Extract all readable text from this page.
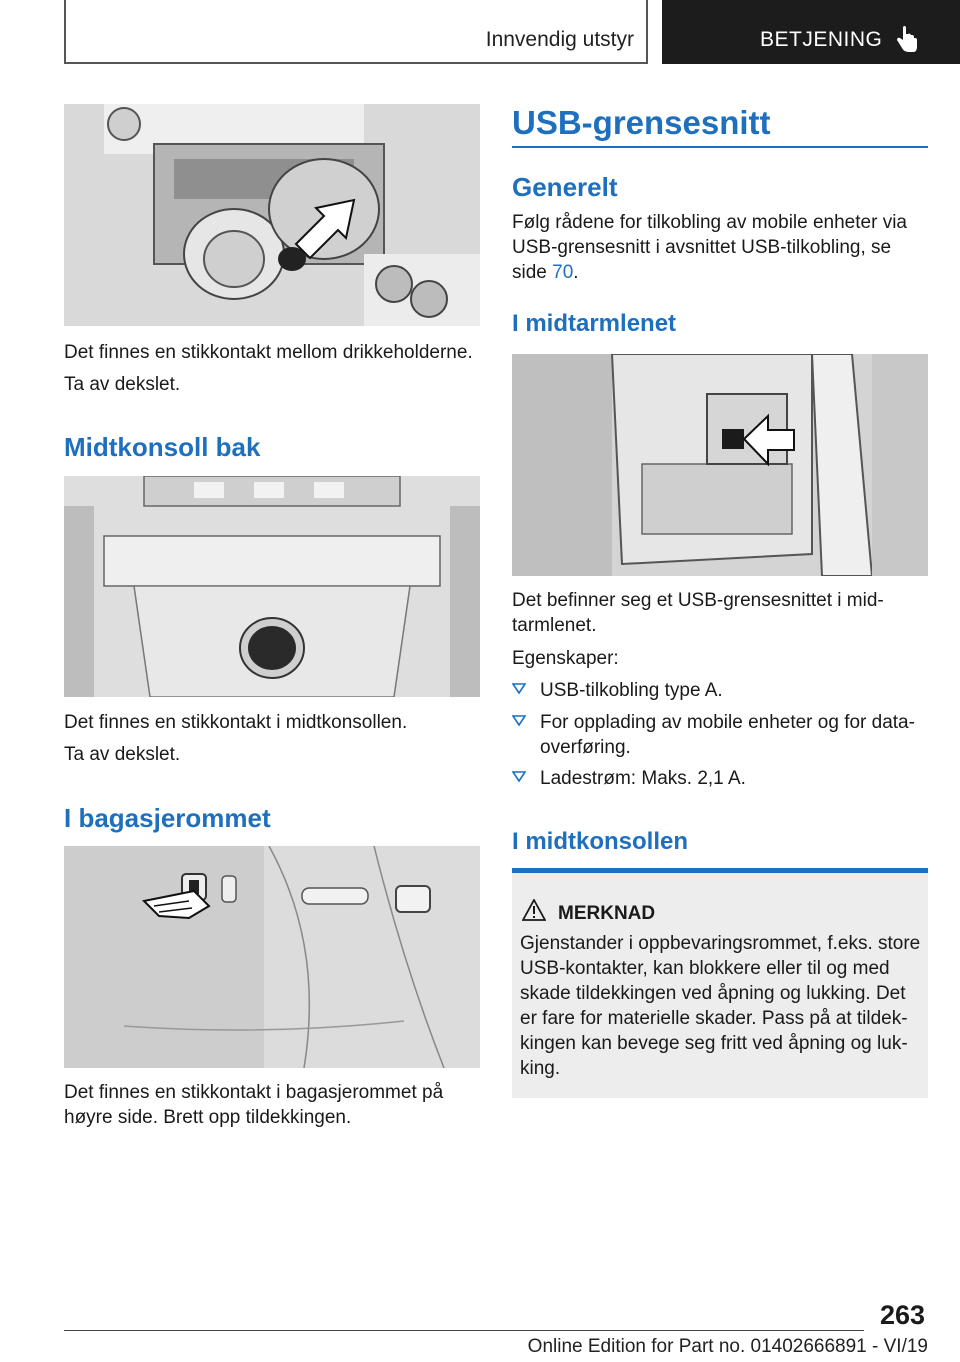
Innvendig utstyr	BETJENING
Det finnes en stikkontakt mellom drikkeholderne.
Ta av dekslet.
Midtkonsoll bak
Det finnes en stikkontakt i midtkonsollen.
Ta av dekslet.
I bagasjerommet
Det finnes en stikkontakt i bagasjerommet på
høyre side. Brett opp tildekkingen.
USB-grensesnitt
Generelt
Følg rådene for tilkobling av mobile enheter via
USB-grensesnitt i avsnittet USB-tilkobling, se
side 70.
I midtarmlenet
Det befinner seg et USB-grensesnittet i mid-
tarmlenet.
Egenskaper:
USB-tilkobling type A.
For opplading av mobile enheter og for data-
overføring.
Ladestrøm: Maks. 2,1 A.
I midtkonsollen
MERKNAD
Gjenstander i oppbevaringsrommet, f.eks. store
USB-kontakter, kan blokkere eller til og med
skade tildekkingen ved åpning og lukking. Det
er fare for materielle skader. Pass på at tildek-
kingen kan bevege seg fritt ved åpning og luk-
king.
263
Online Edition for Part no. 01402666891 - VI/19
